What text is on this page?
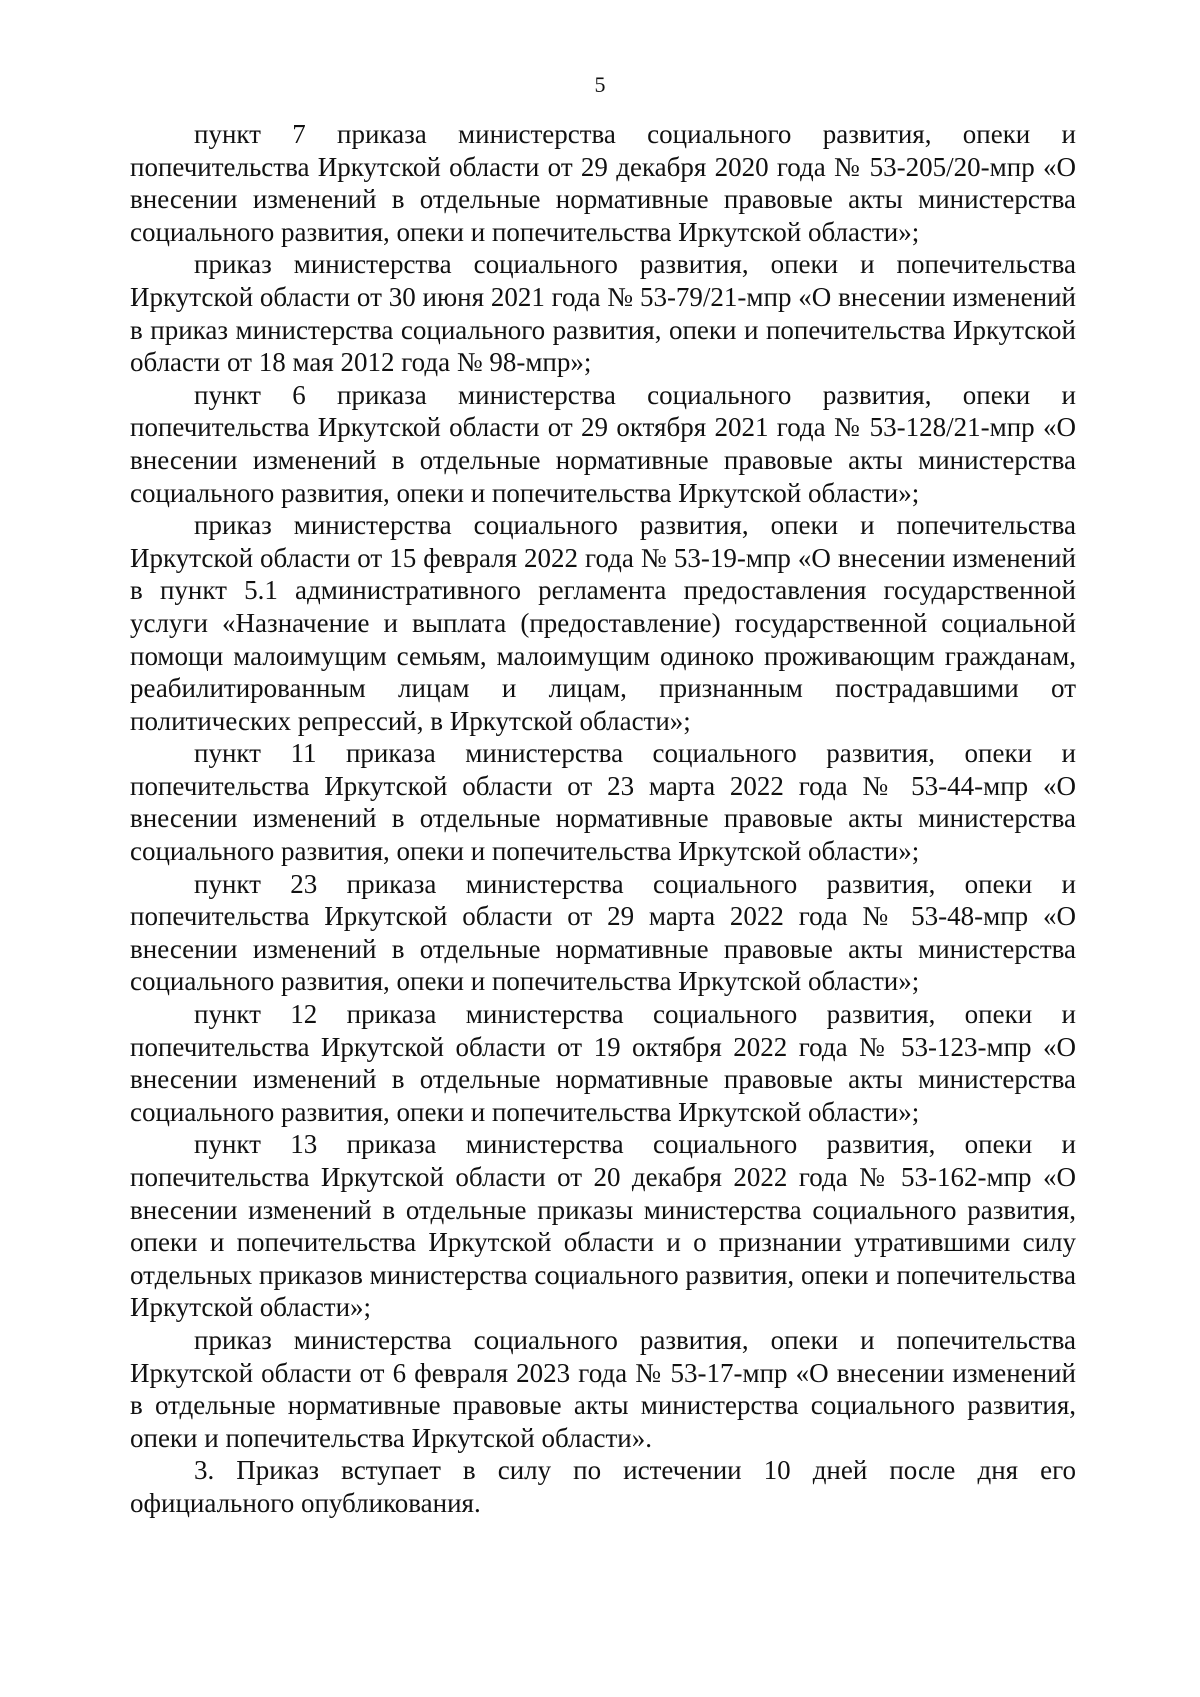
5

пункт 7 приказа министерства социального развития, опеки и попечительства Иркутской области от 29 декабря 2020 года № 53-205/20-мпр «О внесении изменений в отдельные нормативные правовые акты министерства социального развития, опеки и попечительства Иркутской области»;

приказ министерства социального развития, опеки и попечительства Иркутской области от 30 июня 2021 года № 53-79/21-мпр «О внесении изменений в приказ министерства социального развития, опеки и попечительства Иркутской области от 18 мая 2012 года № 98-мпр»;

пункт 6 приказа министерства социального развития, опеки и попечительства Иркутской области от 29 октября 2021 года № 53-128/21-мпр «О внесении изменений в отдельные нормативные правовые акты министерства социального развития, опеки и попечительства Иркутской области»;

приказ министерства социального развития, опеки и попечительства Иркутской области от 15 февраля 2022 года № 53-19-мпр «О внесении изменений в пункт 5.1 административного регламента предоставления государственной услуги «Назначение и выплата (предоставление) государственной социальной помощи малоимущим семьям, малоимущим одиноко проживающим гражданам, реабилитированным лицам и лицам, признанным пострадавшими от политических репрессий, в Иркутской области»;

пункт 11 приказа министерства социального развития, опеки и попечительства Иркутской области от 23 марта 2022 года № 53-44-мпр «О внесении изменений в отдельные нормативные правовые акты министерства социального развития, опеки и попечительства Иркутской области»;

пункт 23 приказа министерства социального развития, опеки и попечительства Иркутской области от 29 марта 2022 года № 53-48-мпр «О внесении изменений в отдельные нормативные правовые акты министерства социального развития, опеки и попечительства Иркутской области»;

пункт 12 приказа министерства социального развития, опеки и попечительства Иркутской области от 19 октября 2022 года № 53-123-мпр «О внесении изменений в отдельные нормативные правовые акты министерства социального развития, опеки и попечительства Иркутской области»;

пункт 13 приказа министерства социального развития, опеки и попечительства Иркутской области от 20 декабря 2022 года № 53-162-мпр «О внесении изменений в отдельные приказы министерства социального развития, опеки и попечительства Иркутской области и о признании утратившими силу отдельных приказов министерства социального развития, опеки и попечительства Иркутской области»;

приказ министерства социального развития, опеки и попечительства Иркутской области от 6 февраля 2023 года № 53-17-мпр «О внесении изменений в отдельные нормативные правовые акты министерства социального развития, опеки и попечительства Иркутской области».

3. Приказ вступает в силу по истечении 10 дней после дня его официального опубликования.
